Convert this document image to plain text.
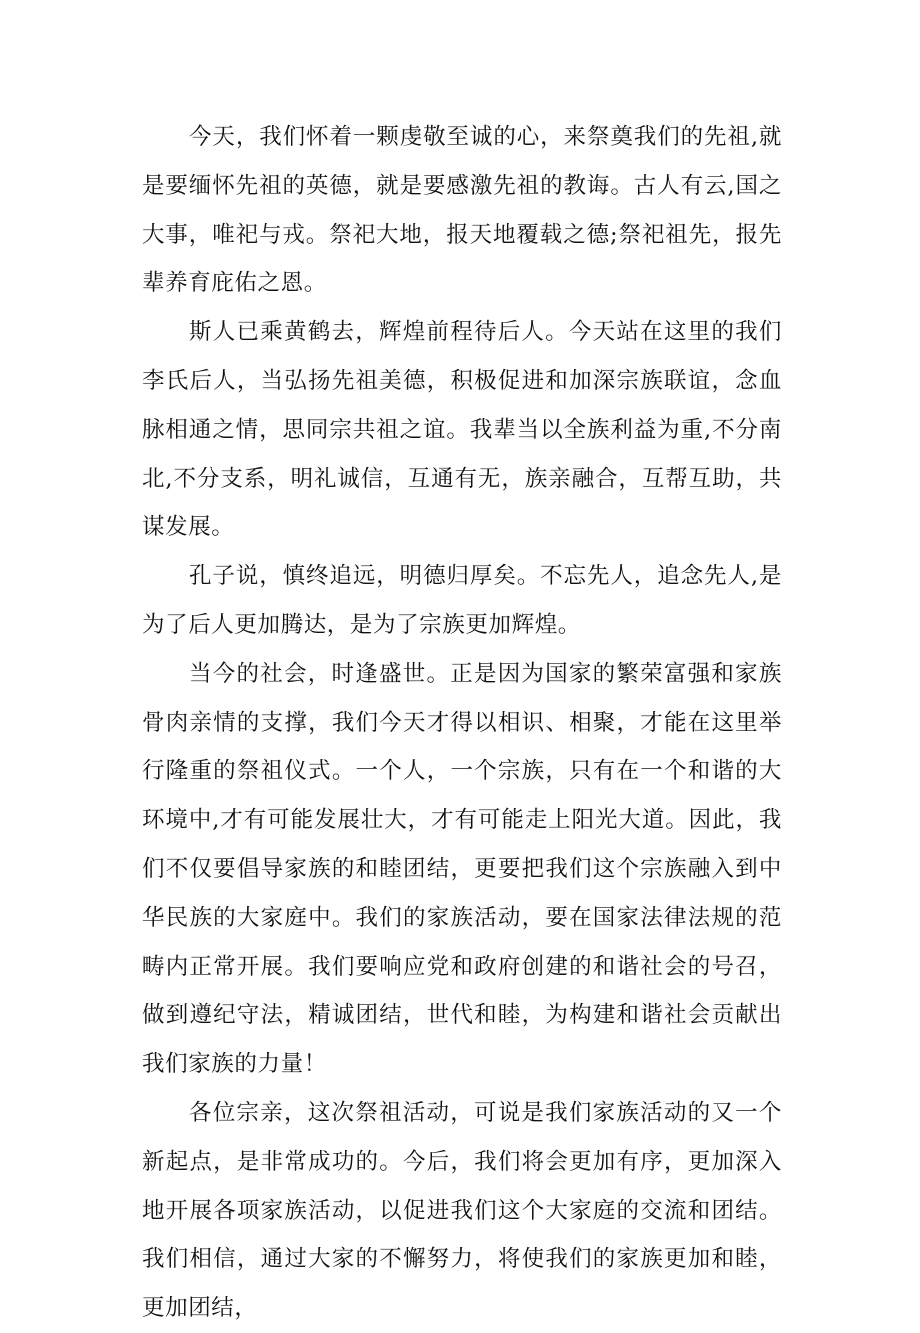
今天，我们怀着一颗虔敬至诚的心，来祭奠我们的先祖,就是要缅怀先祖的英德，就是要感激先祖的教诲。古人有云,国之大事，唯祀与戎。祭祀大地，报天地覆载之德;祭祀祖先，报先辈养育庇佑之恩。

斯人已乘黄鹤去，辉煌前程待后人。今天站在这里的我们李氏后人，当弘扬先祖美德，积极促进和加深宗族联谊，念血脉相通之情，思同宗共祖之谊。我辈当以全族利益为重,不分南北,不分支系，明礼诚信，互通有无，族亲融合，互帮互助，共谋发展。

孔子说，慎终追远，明德归厚矣。不忘先人，追念先人,是为了后人更加腾达，是为了宗族更加辉煌。

当今的社会，时逢盛世。正是因为国家的繁荣富强和家族骨肉亲情的支撑，我们今天才得以相识、相聚，才能在这里举行隆重的祭祖仪式。一个人，一个宗族，只有在一个和谐的大环境中,才有可能发展壮大，才有可能走上阳光大道。因此，我们不仅要倡导家族的和睦团结，更要把我们这个宗族融入到中华民族的大家庭中。我们的家族活动，要在国家法律法规的范畴内正常开展。我们要响应党和政府创建的和谐社会的号召，做到遵纪守法，精诚团结，世代和睦，为构建和谐社会贡献出我们家族的力量！

各位宗亲，这次祭祖活动，可说是我们家族活动的又一个新起点，是非常成功的。今后，我们将会更加有序，更加深入地开展各项家族活动，以促进我们这个大家庭的交流和团结。我们相信，通过大家的不懈努力，将使我们的家族更加和睦，更加团结，
